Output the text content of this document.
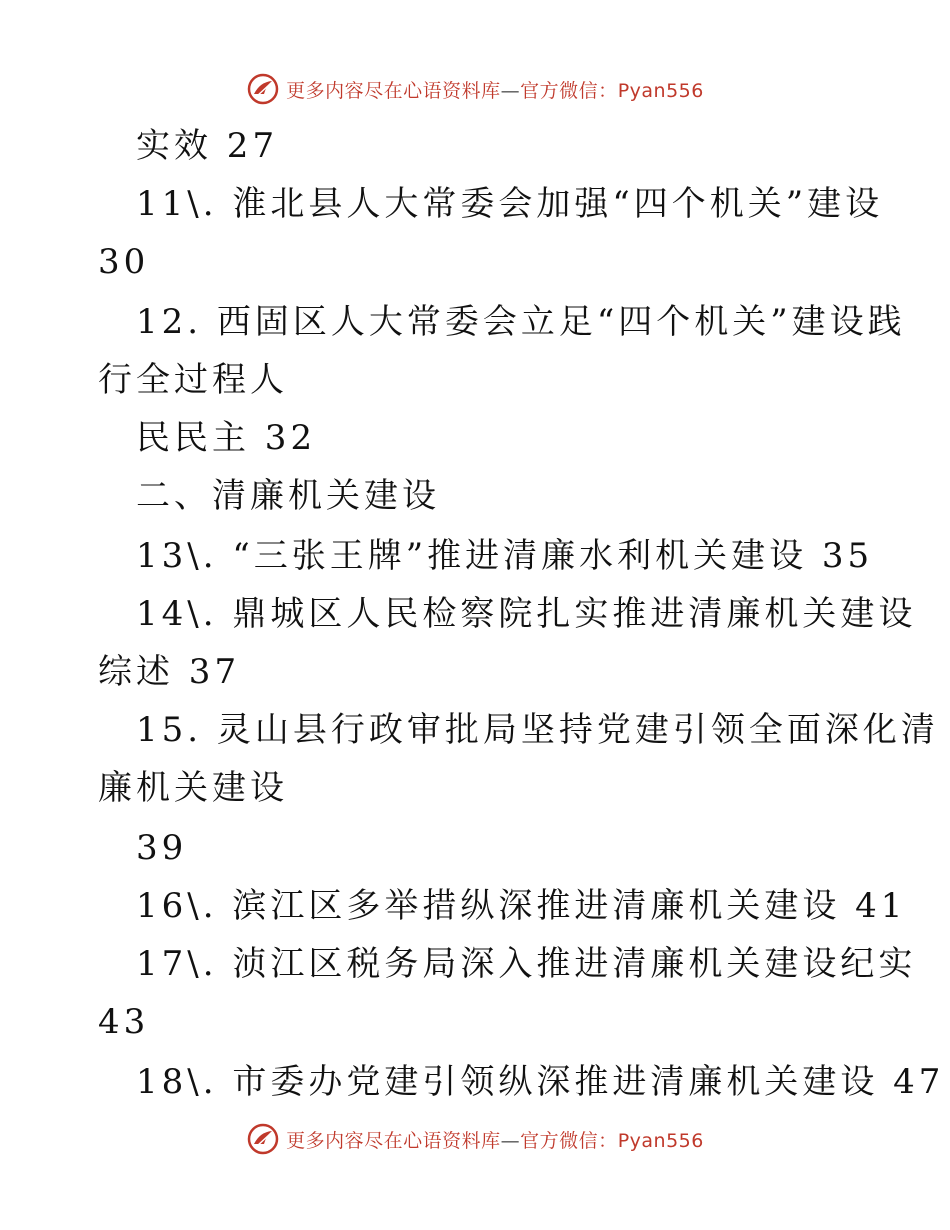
更多内容尽在心语资料库—官方微信：Pyan556
实效 27
11\. 淮北县人大常委会加强“四个机关”建设
30
12. 西固区人大常委会立足“四个机关”建设践
行全过程人
民民主 32
二、清廉机关建设
13\. “三张王牌”推进清廉水利机关建设 35
14\. 鼎城区人民检察院扎实推进清廉机关建设
综述 37
15. 灵山县行政审批局坚持党建引领全面深化清
廉机关建设
39
16\. 滨江区多举措纵深推进清廉机关建设 41
17\. 浈江区税务局深入推进清廉机关建设纪实
43
18\. 市委办党建引领纵深推进清廉机关建设 47
更多内容尽在心语资料库—官方微信：Pyan556
